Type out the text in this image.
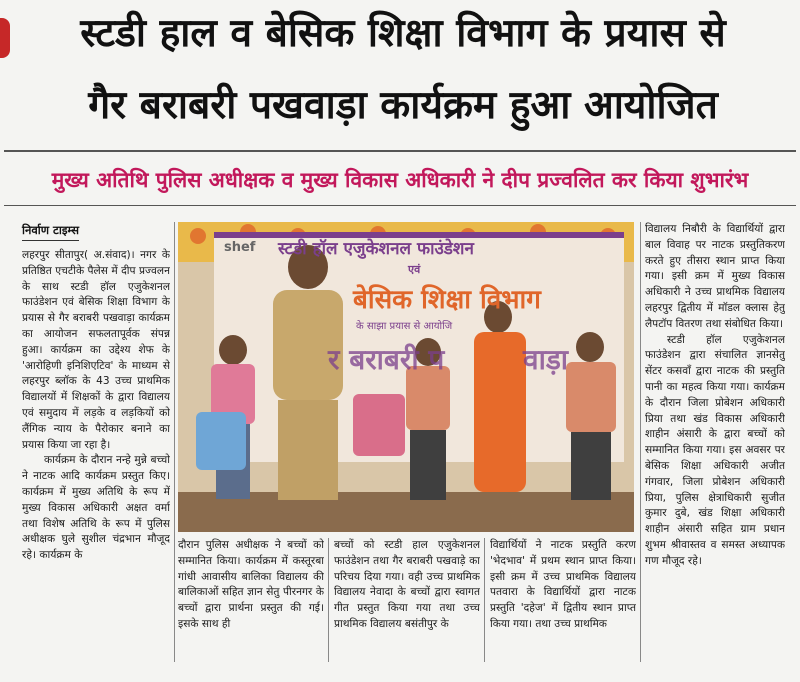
स्टडी हाल व बेसिक शिक्षा विभाग के प्रयास से
गैर बराबरी पखवाड़ा कार्यक्रम हुआ आयोजित
मुख्य अतिथि पुलिस अधीक्षक व मुख्य विकास अधिकारी ने दीप प्रज्वलित कर किया शुभारंभ
निर्वाण टाइम्स

लहरपुर सीतापुर( अ.संवाद)। नगर के प्रतिष्ठित एचटीके पैलेस में दीप प्रज्वलन के साथ स्टडी हॉल एजुकेशनल फाउंडेशन एवं बेसिक शिक्षा विभाग के प्रयास से गैर बराबरी पखवाड़ा कार्यक्रम का आयोजन सफलतापूर्वक संपन्न हुआ। कार्यक्रम का उद्देश्य शेफ के 'आरोहिणी इनिशिएटिव' के माध्यम से लहरपुर ब्लॉक के 43 उच्च प्राथमिक विद्यालयों में शिक्षकों के द्वारा विद्यालय एवं समुदाय में लड़के व लड़कियों को लैंगिक न्याय के पैरोकार बनाने का प्रयास किया जा रहा है।

कार्यक्रम के दौरान नन्हे मुन्ने बच्चो ने नाटक आदि कार्यक्रम प्रस्तुत किए। कार्यक्रम में मुख्य अतिथि के रूप में मुख्य विकास अधिकारी अक्षत वर्मा तथा विशेष अतिथि के रूप में पुलिस अधीक्षक घुले सुशील चंद्रभान मौजूद रहे। कार्यक्रम के

shef स्टडी हॉल एजुकेशनल फाउंडेशन
एवं
बेसिक शिक्षा विभाग
के साझा प्रयास से आयोजि
र बराबरी प	वाड़ा

दौरान पुलिस अधीक्षक ने बच्चों को सम्मानित किया। कार्यक्रम में कस्तूरबा गांधी आवासीय बालिका विद्यालय की बालिकाओं सहित ज्ञान सेतु पीरनगर के बच्चों द्वारा प्रार्थना प्रस्तुत की गई। इसके साथ ही

बच्चों को स्टडी हाल एजुकेशनल फाउंडेशन तथा गैर बराबरी पखवाड़े का परिचय दिया गया। वही उच्च प्राथमिक विद्यालय नेवादा के बच्चों द्वारा स्वागत गीत प्रस्तुत किया गया तथा उच्च प्राथमिक विद्यालय बसंतीपुर के

विद्यार्थियों ने नाटक प्रस्तुति करण 'भेदभाव' में प्रथम स्थान प्राप्त किया। इसी क्रम में उच्च प्राथमिक विद्यालय पतवारा के विद्यार्थियों द्वारा नाटक प्रस्तुति 'दहेज' में द्वितीय स्थान प्राप्त किया गया। तथा उच्च प्राथमिक

विद्यालय निबौरी के विद्यार्थियों द्वारा बाल विवाह पर नाटक प्रस्तुतिकरण करते हुए तीसरा स्थान प्राप्त किया गया। इसी क्रम में मुख्य विकास अधिकारी ने उच्च प्राथमिक विद्यालय लहरपुर द्वितीय में मॉडल क्लास हेतु लैपटॉप वितरण तथा संबोधित किया।

स्टडी हॉल एजुकेशनल फाउंडेशन द्वारा संचालित ज्ञानसेतु सेंटर कसवाँ द्वारा नाटक की प्रस्तुति पानी का महत्व किया गया। कार्यक्रम के दौरान जिला प्रोबेशन अधिकारी प्रिया तथा खंड विकास अधिकारी शाहीन अंसारी के द्वारा बच्चों को सम्मानित किया गया। इस अवसर पर बेसिक शिक्षा अधिकारी अजीत गंगवार, जिला प्रोबेशन अधिकारी प्रिया, पुलिस क्षेत्राधिकारी सुजीत कुमार दुबे, खंड शिक्षा अधिकारी शाहीन अंसारी सहित ग्राम प्रधान शुभम श्रीवास्तव व समस्त अध्यापक गण मौजूद रहे।
